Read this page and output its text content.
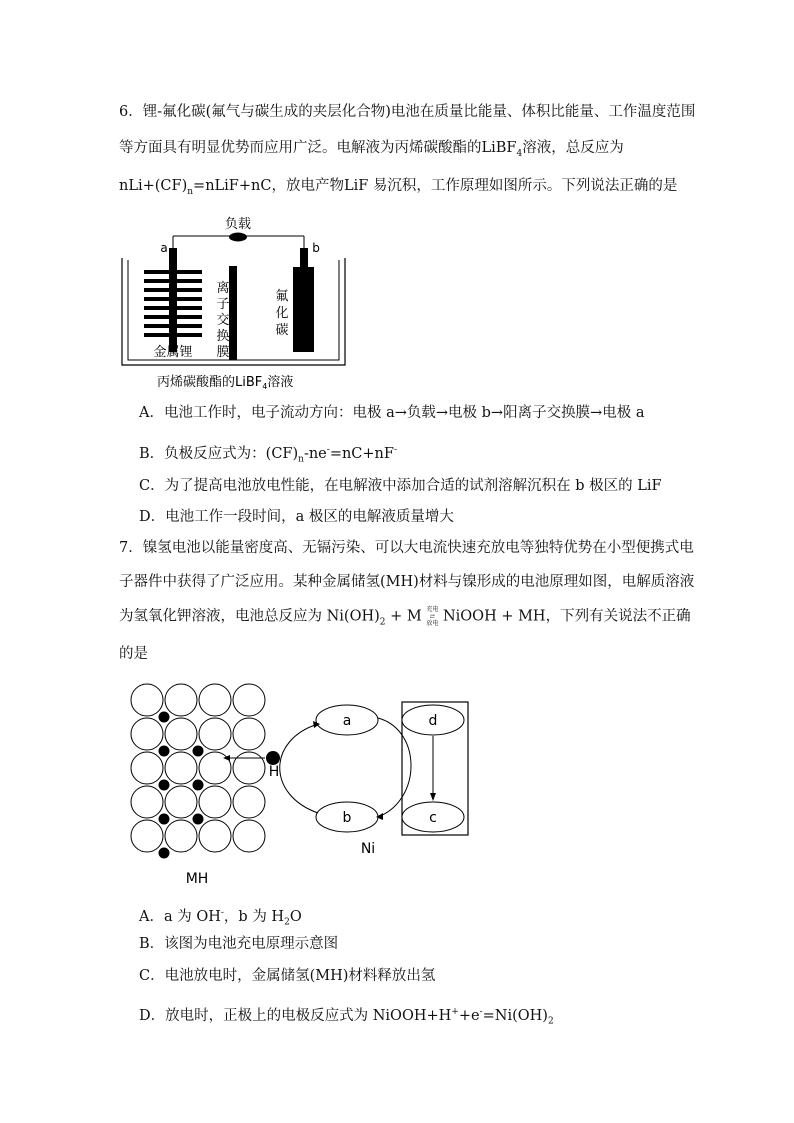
6．锂-氟化碳(氟气与碳生成的夹层化合物)电池在质量比能量、体积比能量、工作温度范围
等方面具有明显优势而应用广泛。电解液为丙烯碳酸酯的LiBF$_4$溶液，总反应为
$nLi+(CF)_n=nLiF+nC$，放电产物LiF 易沉积，工作原理如图所示。下列说法正确的是
负载
a	b
金属锂
离
子
交
换
膜
氟
化
碳
丙烯碳酸酯的LiBF$_4$溶液
A．电池工作时，电子流动方向：电极 a→负载→电极 b→阳离子交换膜→电极 a
B．负极反应式为：$(CF)_n-ne^-=nC+nF^-$
C．为了提高电池放电性能，在电解液中添加合适的试剂溶解沉积在 b 极区的 LiF
D．电池工作一段时间，a 极区的电解液质量增大
7．镍氢电池以能量密度高、无镉污染、可以大电流快速充放电等独特优势在小型便携式电
子器件中获得了广泛应用。某种金属储氢(MH)材料与镍形成的电池原理如图，电解质溶液
为氢氧化钾溶液，电池总反应为 $Ni(OH)_2 + M$ 充电
⇄
放电 NiOOH + MH，下列有关说法不正确
的是
H
a
b
d
c
Ni
MH
A．a 为 OH-，b 为 $H_2O$
B．该图为电池充电原理示意图
C．电池放电时，金属储氢(MH)材料释放出氢
D．放电时，正极上的电极反应式为 $NiOOH+H^++e^-=Ni(OH)_2$
